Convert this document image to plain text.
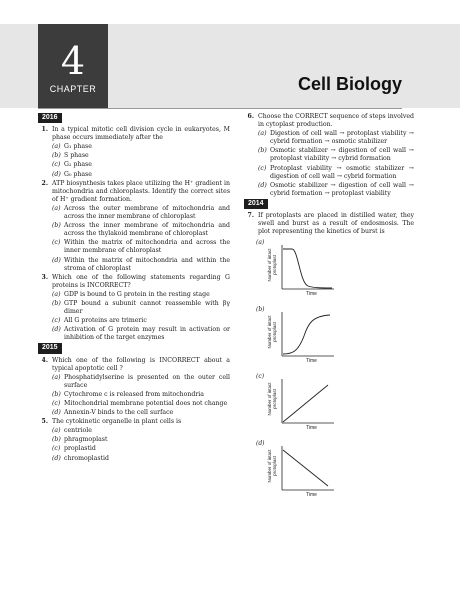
4
CHAPTER	Cell Biology
2016
1. In a typical mitotic cell division cycle in eukaryotes, M phase occurs immediately after the
(a) G₁ phase
(b) S phase
(c) G₂ phase
(d) G₀ phase
2. ATP biosynthesis takes place utilizing the H⁺ gradient in mitochondria and chloroplasts. Identify the correct sites of H⁺ gradient formation.
(a) Across the outer membrane of mitochondria and across the inner membrane of chloroplast
(b) Across the inner membrane of mitochondria and across the thylakoid membrane of chloroplast
(c) Within the matrix of mitochondria and across the inner membrane of chloroplast
(d) Within the matrix of mitochondria and within the stroma of chloroplast
3. Which one of the following statements regarding G proteins is INCORRECT?
(a) GDP is bound to G protein in the resting stage
(b) GTP bound a subunit cannot reassemble with βγ dimer
(c) All G proteins are trimeric
(d) Activation of G protein may result in activation or inhibition of the target enzymes
2015
4. Which one of the following is INCORRECT about a typical apoptotic cell ?
(a) Phosphatidylserine is presented on the outer cell surface
(b) Cytochrome c is released from mitochondria
(c) Mitochondrial membrane potential does not change
(d) Annexin-V binds to the cell surface
5. The cytokinetic organelle in plant cells is
(a) centriole
(b) phragmoplast
(c) proplastid
(d) chromoplastid
6. Choose the CORRECT sequence of steps involved in cytoplast production.
(a) Digestion of cell wall → protoplast viability → cybrid formation → osmotic stabilizer
(b) Osmotic stabilizer → digestion of cell wall → protoplast viability → cybrid formation
(c) Protoplast viability → osmotic stabilizer → digestion of cell wall → cybrid formation
(d) Osmotic stabilizer → digestion of cell wall → cybrid formation → protoplast viability
2014
7. If protoplasts are placed in distilled water, they swell and burst as a result of endosmosis. The plot representing the kinetics of burst is
(a)
Number of intact protoplast
Time
(b)
Number of intact protoplast
Time
(c)
Number of intact protoplast
Time
(d)
Number of intact protoplast
Time
